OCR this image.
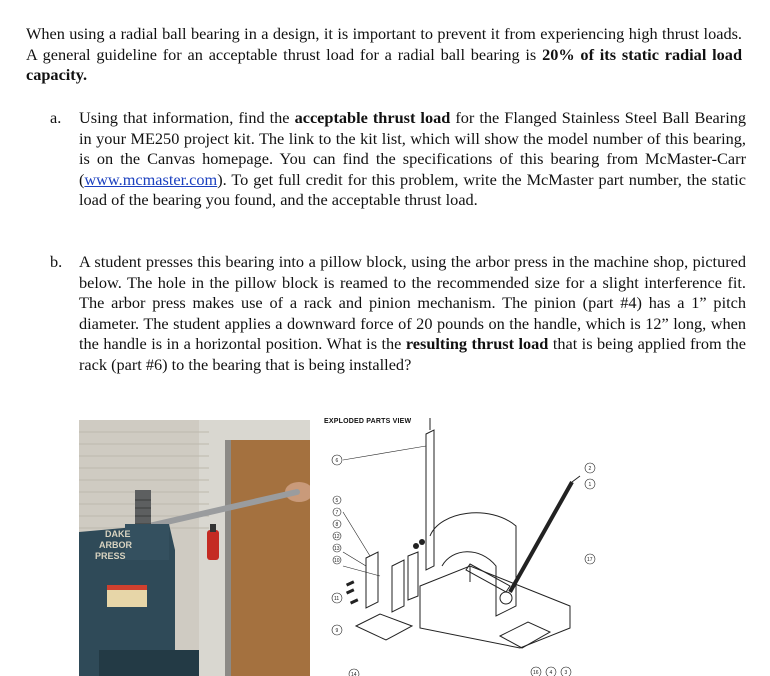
When using a radial ball bearing in a design, it is important to prevent it from experiencing high thrust loads. A general guideline for an acceptable thrust load for a radial ball bearing is 20% of its static radial load capacity.

a. Using that information, find the acceptable thrust load for the Flanged Stainless Steel Ball Bearing in your ME250 project kit. The link to the kit list, which will show the model number of this bearing, is on the Canvas homepage. You can find the specifications of this bearing from McMaster-Carr (www.mcmaster.com). To get full credit for this problem, write the McMaster part number, the static load of the bearing you found, and the acceptable thrust load.
b. A student presses this bearing into a pillow block, using the arbor press in the machine shop, pictured below. The hole in the pillow block is reamed to the recommended size for a slight interference fit. The arbor press makes use of a rack and pinion mechanism. The pinion (part #4) has a 1” pitch diameter. The student applies a downward force of 20 pounds on the handle, which is 12” long, when the handle is in a horizontal position. What is the resulting thrust load that is being applied from the rack (part #6) to the bearing that is being installed?
DAKE
ARBOR
PRESS

EXPLODED PARTS VIEW

6
5
7
8
12
13
10
11
9
14	16 4 3
2
1
17
